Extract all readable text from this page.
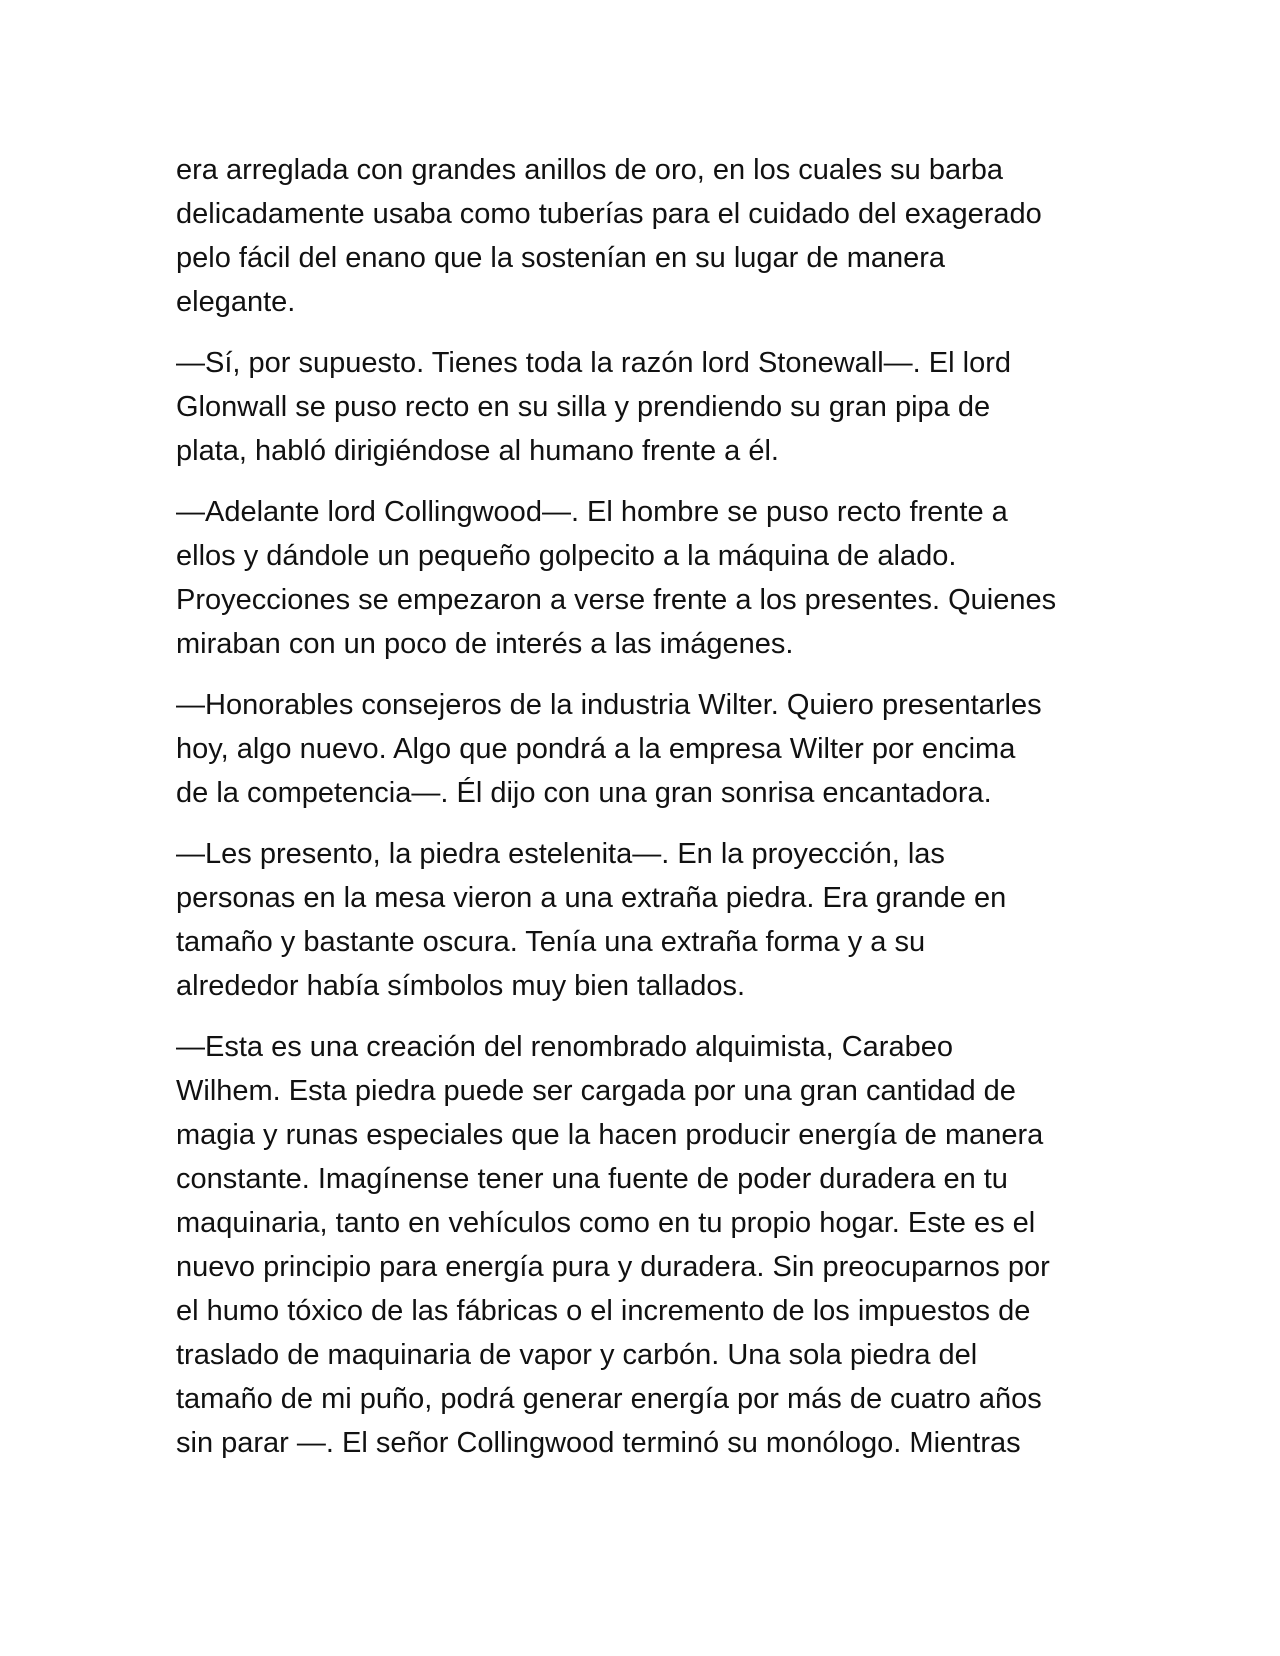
era arreglada con grandes anillos de oro, en los cuales su barba
delicadamente usaba como tuberías para el cuidado del exagerado
pelo fácil del enano que la sostenían en su lugar de manera
elegante.

—Sí, por supuesto. Tienes toda la razón lord Stonewall—. El lord
Glonwall se puso recto en su silla y prendiendo su gran pipa de
plata, habló dirigiéndose al humano frente a él.

—Adelante lord Collingwood—. El hombre se puso recto frente a
ellos y dándole un pequeño golpecito a la máquina de alado.
Proyecciones se empezaron a verse frente a los presentes. Quienes
miraban con un poco de interés a las imágenes.

—Honorables consejeros de la industria Wilter. Quiero presentarles
hoy, algo nuevo. Algo que pondrá a la empresa Wilter por encima
de la competencia—. Él dijo con una gran sonrisa encantadora.

—Les presento, la piedra estelenita—. En la proyección, las
personas en la mesa vieron a una extraña piedra. Era grande en
tamaño y bastante oscura. Tenía una extraña forma y a su
alrededor había símbolos muy bien tallados.

—Esta es una creación del renombrado alquimista, Carabeo
Wilhem. Esta piedra puede ser cargada por una gran cantidad de
magia y runas especiales que la hacen producir energía de manera
constante. Imagínense tener una fuente de poder duradera en tu
maquinaria, tanto en vehículos como en tu propio hogar. Este es el
nuevo principio para energía pura y duradera. Sin preocuparnos por
el humo tóxico de las fábricas o el incremento de los impuestos de
traslado de maquinaria de vapor y carbón. Una sola piedra del
tamaño de mi puño, podrá generar energía por más de cuatro años
sin parar —. El señor Collingwood terminó su monólogo. Mientras
